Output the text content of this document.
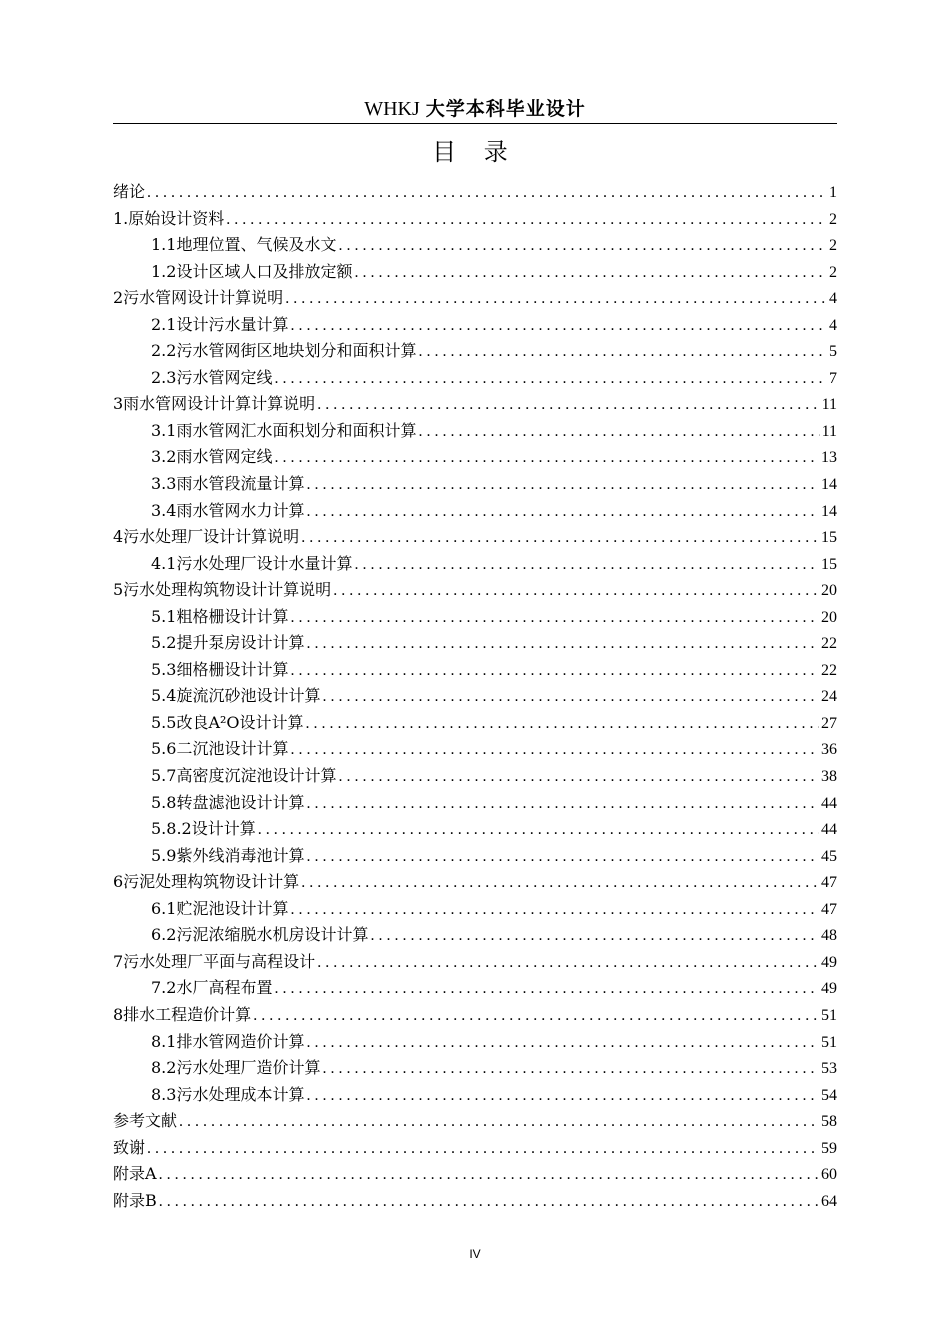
WHKJ 大学本科毕业设计
目 录
绪论 .....	1
1.原始设计资料 .....	2
1.1地理位置、气候及水文 .....	2
1.2设计区域人口及排放定额 .....	2
2污水管网设计计算说明 .....	4
2.1设计污水量计算 .....	4
2.2污水管网街区地块划分和面积计算 .....	5
2.3污水管网定线 .....	7
3雨水管网设计计算计算说明 .....	11
3.1雨水管网汇水面积划分和面积计算 .....	11
3.2雨水管网定线 .....	13
3.3雨水管段流量计算 .....	14
3.4雨水管网水力计算 .....	14
4污水处理厂设计计算说明 .....	15
4.1污水处理厂设计水量计算 .....	15
5污水处理构筑物设计计算说明 .....	20
5.1粗格栅设计计算 .....	20
5.2提升泵房设计计算 .....	22
5.3细格栅设计计算 .....	22
5.4旋流沉砂池设计计算 .....	24
5.5改良A²O设计计算 .....	27
5.6二沉池设计计算 .....	36
5.7高密度沉淀池设计计算 .....	38
5.8转盘滤池设计计算 .....	44
5.8.2设计计算 .....	44
5.9紫外线消毒池计算 .....	45
6污泥处理构筑物设计计算 .....	47
6.1贮泥池设计计算 .....	47
6.2污泥浓缩脱水机房设计计算 .....	48
7污水处理厂平面与高程设计 .....	49
7.2水厂高程布置 .....	49
8排水工程造价计算 .....	51
8.1排水管网造价计算 .....	51
8.2污水处理厂造价计算 .....	53
8.3污水处理成本计算 .....	54
参考文献 .....	58
致谢 .....	59
附录A .....	60
附录B .....	64
IV
